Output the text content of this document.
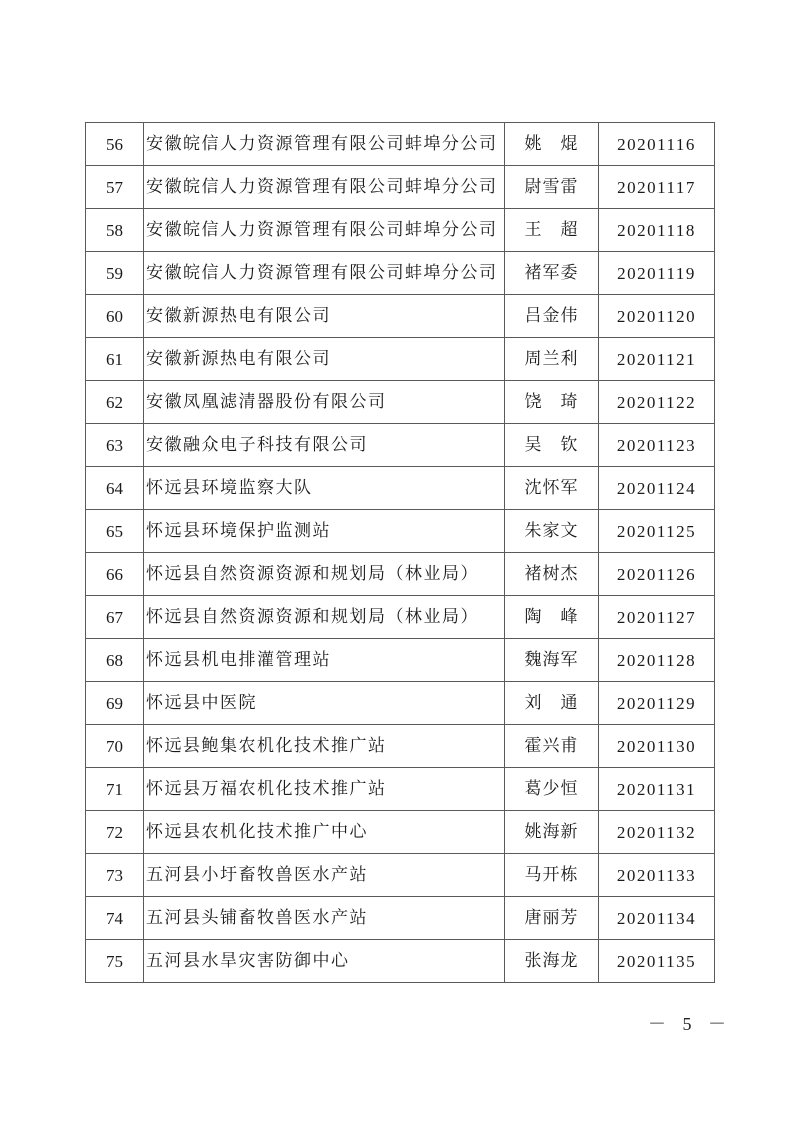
56	安徽皖信人力资源管理有限公司蚌埠分公司	姚　焜	20201116
57	安徽皖信人力资源管理有限公司蚌埠分公司	尉雪雷	20201117
58	安徽皖信人力资源管理有限公司蚌埠分公司	王　超	20201118
59	安徽皖信人力资源管理有限公司蚌埠分公司	褚军委	20201119
60	安徽新源热电有限公司	吕金伟	20201120
61	安徽新源热电有限公司	周兰利	20201121
62	安徽凤凰滤清器股份有限公司	饶　琦	20201122
63	安徽融众电子科技有限公司	吴　钦	20201123
64	怀远县环境监察大队	沈怀军	20201124
65	怀远县环境保护监测站	朱家文	20201125
66	怀远县自然资源资源和规划局（林业局）	褚树杰	20201126
67	怀远县自然资源资源和规划局（林业局）	陶　峰	20201127
68	怀远县机电排灌管理站	魏海军	20201128
69	怀远县中医院	刘　通	20201129
70	怀远县鲍集农机化技术推广站	霍兴甫	20201130
71	怀远县万福农机化技术推广站	葛少恒	20201131
72	怀远县农机化技术推广中心	姚海新	20201132
73	五河县小圩畜牧兽医水产站	马开栋	20201133
74	五河县头铺畜牧兽医水产站	唐丽芳	20201134
75	五河县水旱灾害防御中心	张海龙	20201135
－ 5 －
